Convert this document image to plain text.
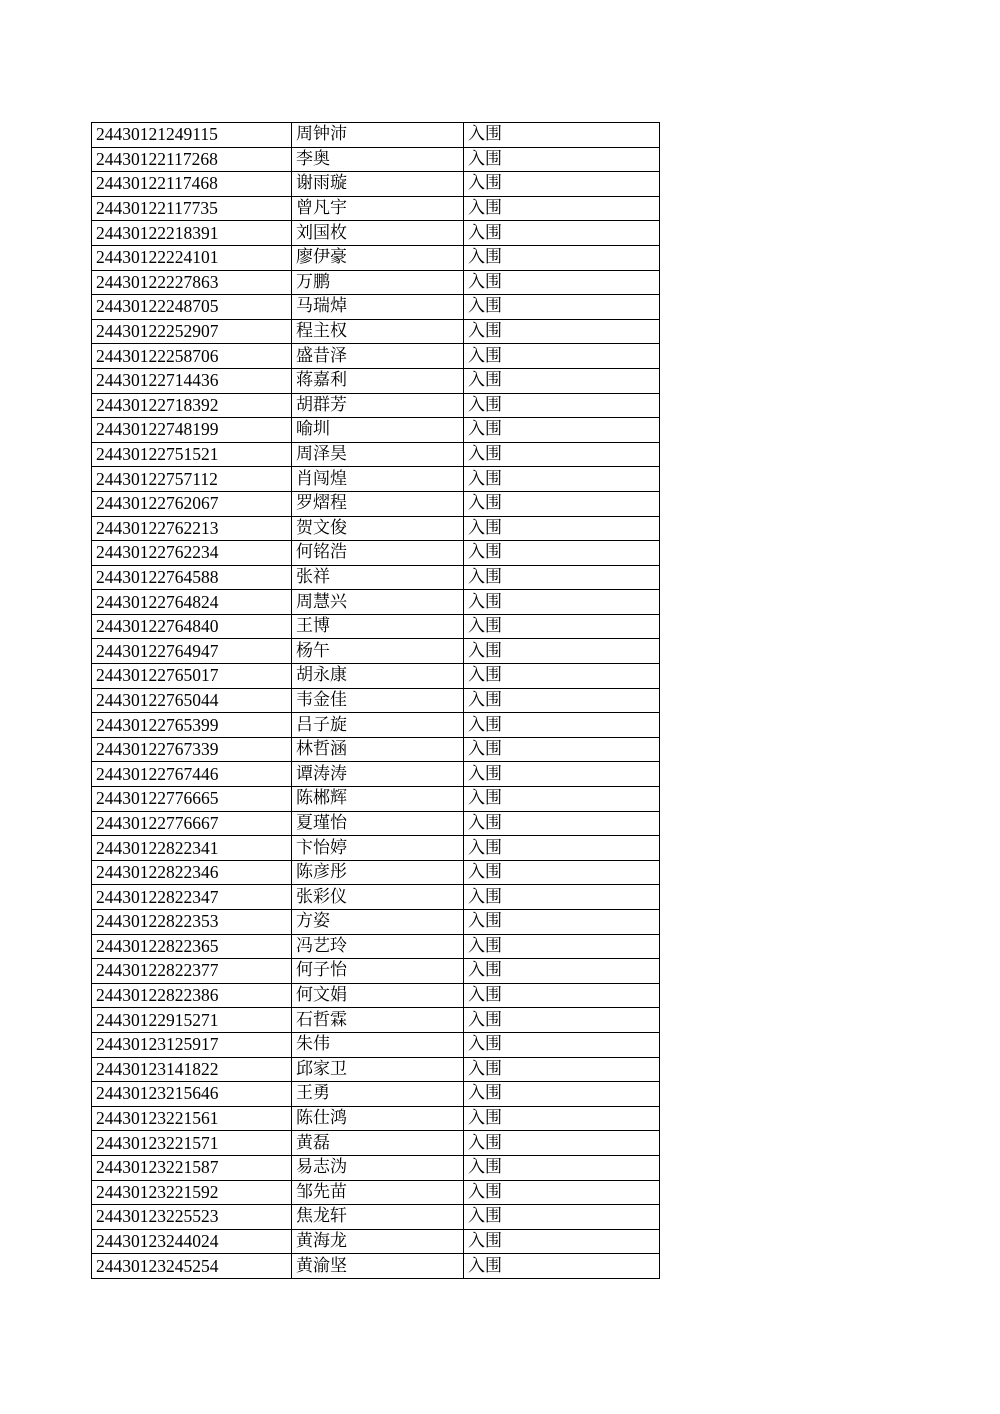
24430121249115	周钟沛	入围
24430122117268	李奥	入围
24430122117468	谢雨璇	入围
24430122117735	曾凡宇	入围
24430122218391	刘国枚	入围
24430122224101	廖伊豪	入围
24430122227863	万鹏	入围
24430122248705	马瑞焯	入围
24430122252907	程主权	入围
24430122258706	盛昔泽	入围
24430122714436	蒋嘉利	入围
24430122718392	胡群芳	入围
24430122748199	喻圳	入围
24430122751521	周泽昊	入围
24430122757112	肖闯煌	入围
24430122762067	罗熠程	入围
24430122762213	贺文俊	入围
24430122762234	何铭浩	入围
24430122764588	张祥	入围
24430122764824	周慧兴	入围
24430122764840	王博	入围
24430122764947	杨午	入围
24430122765017	胡永康	入围
24430122765044	韦金佳	入围
24430122765399	吕子旋	入围
24430122767339	林哲涵	入围
24430122767446	谭涛涛	入围
24430122776665	陈郴辉	入围
24430122776667	夏瑾怡	入围
24430122822341	卞怡婷	入围
24430122822346	陈彦彤	入围
24430122822347	张彩仪	入围
24430122822353	方姿	入围
24430122822365	冯艺玲	入围
24430122822377	何子怡	入围
24430122822386	何文娟	入围
24430122915271	石哲霖	入围
24430123125917	朱伟	入围
24430123141822	邱家卫	入围
24430123215646	王勇	入围
24430123221561	陈仕鸿	入围
24430123221571	黄磊	入围
24430123221587	易志沩	入围
24430123221592	邹先苗	入围
24430123225523	焦龙轩	入围
24430123244024	黄海龙	入围
24430123245254	黄渝坚	入围
